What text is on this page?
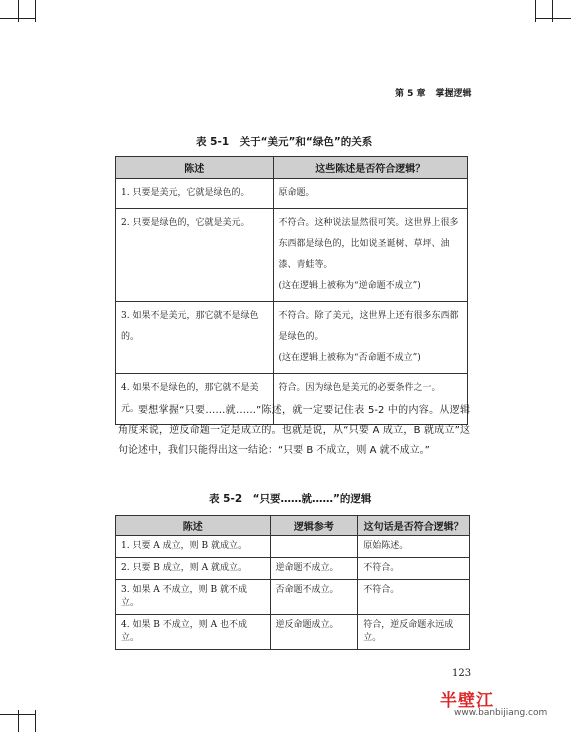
第 5 章 掌握逻辑
表 5-1　关于“美元”和“绿色”的关系
陈述	这些陈述是否符合逻辑？
1. 只要是美元，它就是绿色的。	原命题。
2. 只要是绿色的，它就是美元。	不符合。这种说法显然很可笑。这世界上很多东西都是绿色的，比如说圣诞树、草坪、油漆、青蛙等。
(这在逻辑上被称为“逆命题不成立”)
3. 如果不是美元，那它就不是绿色的。	不符合。除了美元，这世界上还有很多东西都是绿色的。
(这在逻辑上被称为“否命题不成立”)
4. 如果不是绿色的，那它就不是美元。	符合。因为绿色是美元的必要条件之一。

要想掌握“只要……就……”陈述，就一定要记住表 5-2 中的内容。从逻辑角度来说，逆反命题一定是成立的。也就是说，从“只要 A 成立，B 就成立”这句论述中，我们只能得出这一结论：“只要 B 不成立，则 A 就不成立。”

表 5-2　“只要……就……”的逻辑
陈述	逻辑参考	这句话是否符合逻辑？
1. 只要 A 成立，则 B 就成立。		原始陈述。
2. 只要 B 成立，则 A 就成立。	逆命题不成立。	不符合。
3. 如果 A 不成立，则 B 就不成立。	否命题不成立。	不符合。
4. 如果 B 不成立，则 A 也不成立。	逆反命题成立。	符合，逆反命题永远成立。
123
半壁江
www.banbijiang.com
